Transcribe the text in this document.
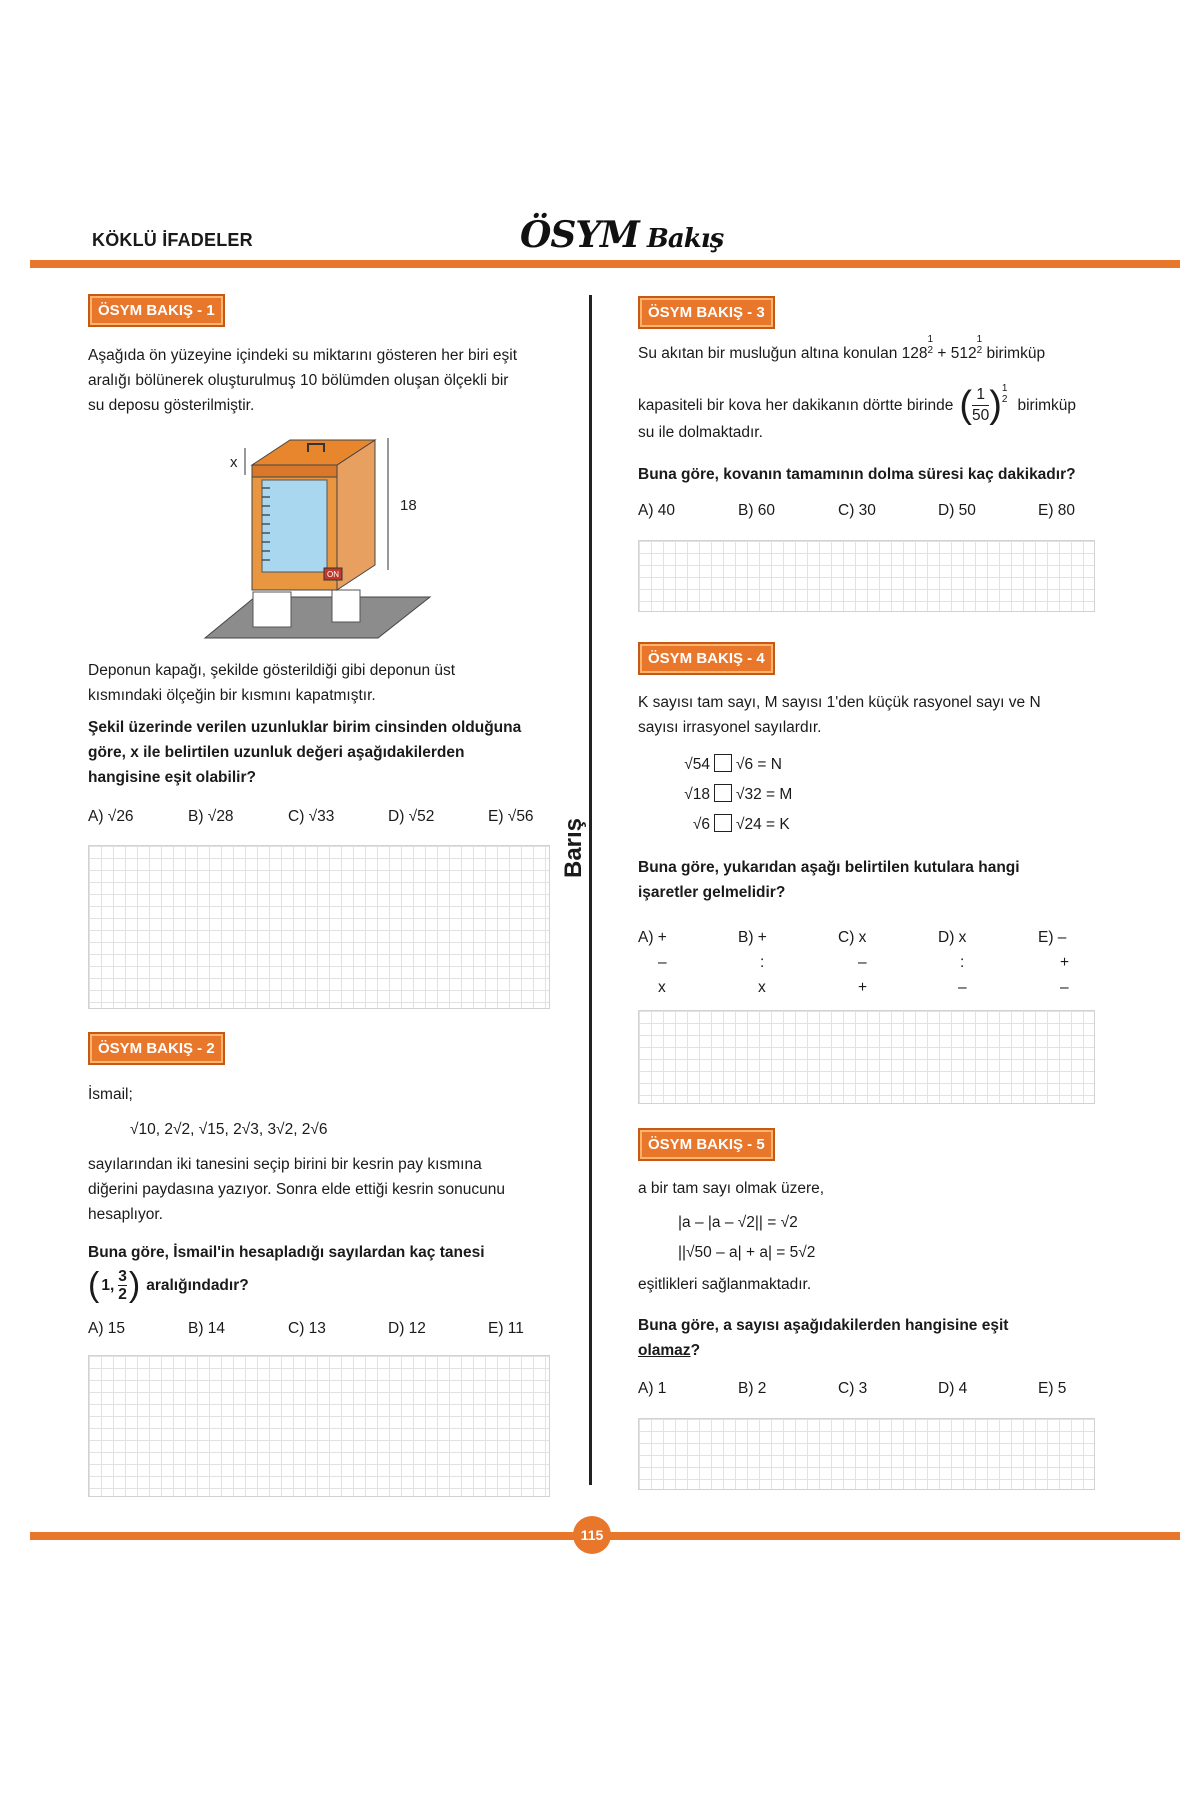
KÖKLÜ İFADELER	ÖSYM Bakış
Barış
ÖSYM BAKIŞ - 1
Aşağıda ön yüzeyine içindeki su miktarını gösteren her biri eşit
aralığı bölünerek oluşturulmuş 10 bölümden oluşan ölçekli bir
su deposu gösterilmiştir.
ON
x
18
Deponun kapağı, şekilde gösterildiği gibi deponun üst
kısmındaki ölçeğin bir kısmını kapatmıştır.
Şekil üzerinde verilen uzunluklar birim cinsinden olduğuna
göre, x ile belirtilen uzunluk değeri aşağıdakilerden
hangisine eşit olabilir?
A) √26	B) √28	C) √33	D) √52	E) √56
ÖSYM BAKIŞ - 2
İsmail;
√10, 2√2, √15, 2√3, 3√2, 2√6
sayılarından iki tanesini seçip birini bir kesrin pay kısmına
diğerini paydasına yazıyor. Sonra elde ettiği kesrin sonucunu
hesaplıyor.
Buna göre, İsmail'in hesapladığı sayılardan kaç tanesi
( 1, $\frac{3}{2}$ ) aralığındadır?
A) 15	B) 14	C) 13	D) 12	E) 11
ÖSYM BAKIŞ - 3
Su akıtan bir musluğun altına konulan 128
1
2 + 512
1
2 birimküp
kapasiteli bir kova her dakikanın dörtte birinde ( $\frac{1}{50}$ ) 1
2 birimküp
su ile dolmaktadır.
Buna göre, kovanın tamamının dolma süresi kaç dakikadır?
A) 40	B) 60	C) 30	D) 50	E) 80
ÖSYM BAKIŞ - 4
K sayısı tam sayı, M sayısı 1'den küçük rasyonel sayı ve N
sayısı irrasyonel sayılardır.
√54 √6 = N
√18 √32 = M
√6 √24 = K
Buna göre, yukarıdan aşağı belirtilen kutulara hangi
işaretler gelmelidir?
A) +
–
x
B) +
:
x
C) x
–
+
D) x
:
–
E) –
+
–
ÖSYM BAKIŞ - 5
a bir tam sayı olmak üzere,
|a – |a – √2|| = √2
||√50 – a| + a| = 5√2
eşitlikleri sağlanmaktadır.
Buna göre, a sayısı aşağıdakilerden hangisine eşit
olamaz?
A) 1	B) 2	C) 3	D) 4	E) 5
115
